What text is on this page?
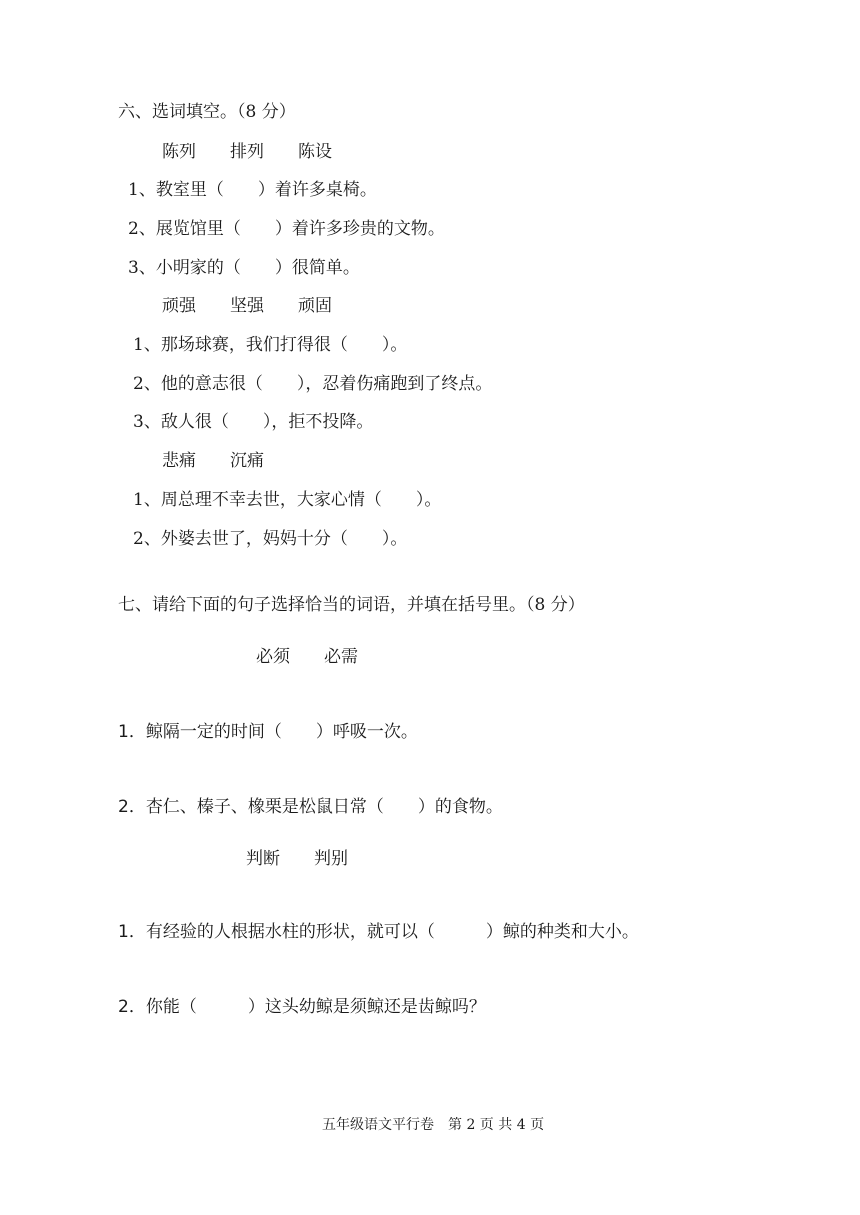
六、选词填空。（8 分）

陈列　　排列　　陈设

1、教室里（　　）着许多桌椅。

2、展览馆里（　　）着许多珍贵的文物。

3、小明家的（　　）很简单。

顽强　　坚强　　顽固

1、那场球赛，我们打得很（　　）。

2、他的意志很（　　），忍着伤痛跑到了终点。

3、敌人很（　　），拒不投降。

悲痛　　沉痛

1、周总理不幸去世，大家心情（　　）。

2、外婆去世了，妈妈十分（　　）。

七、请给下面的句子选择恰当的词语，并填在括号里。（8 分）

必须　　必需

1．鲸隔一定的时间（　　）呼吸一次。

2．杏仁、榛子、橡栗是松鼠日常（　　）的食物。

判断　　判别

1．有经验的人根据水柱的形状，就可以（　　　）鲸的种类和大小。

2．你能（　　　）这头幼鲸是须鲸还是齿鲸吗？

五年级语文平行卷　第 2 页 共 4 页
